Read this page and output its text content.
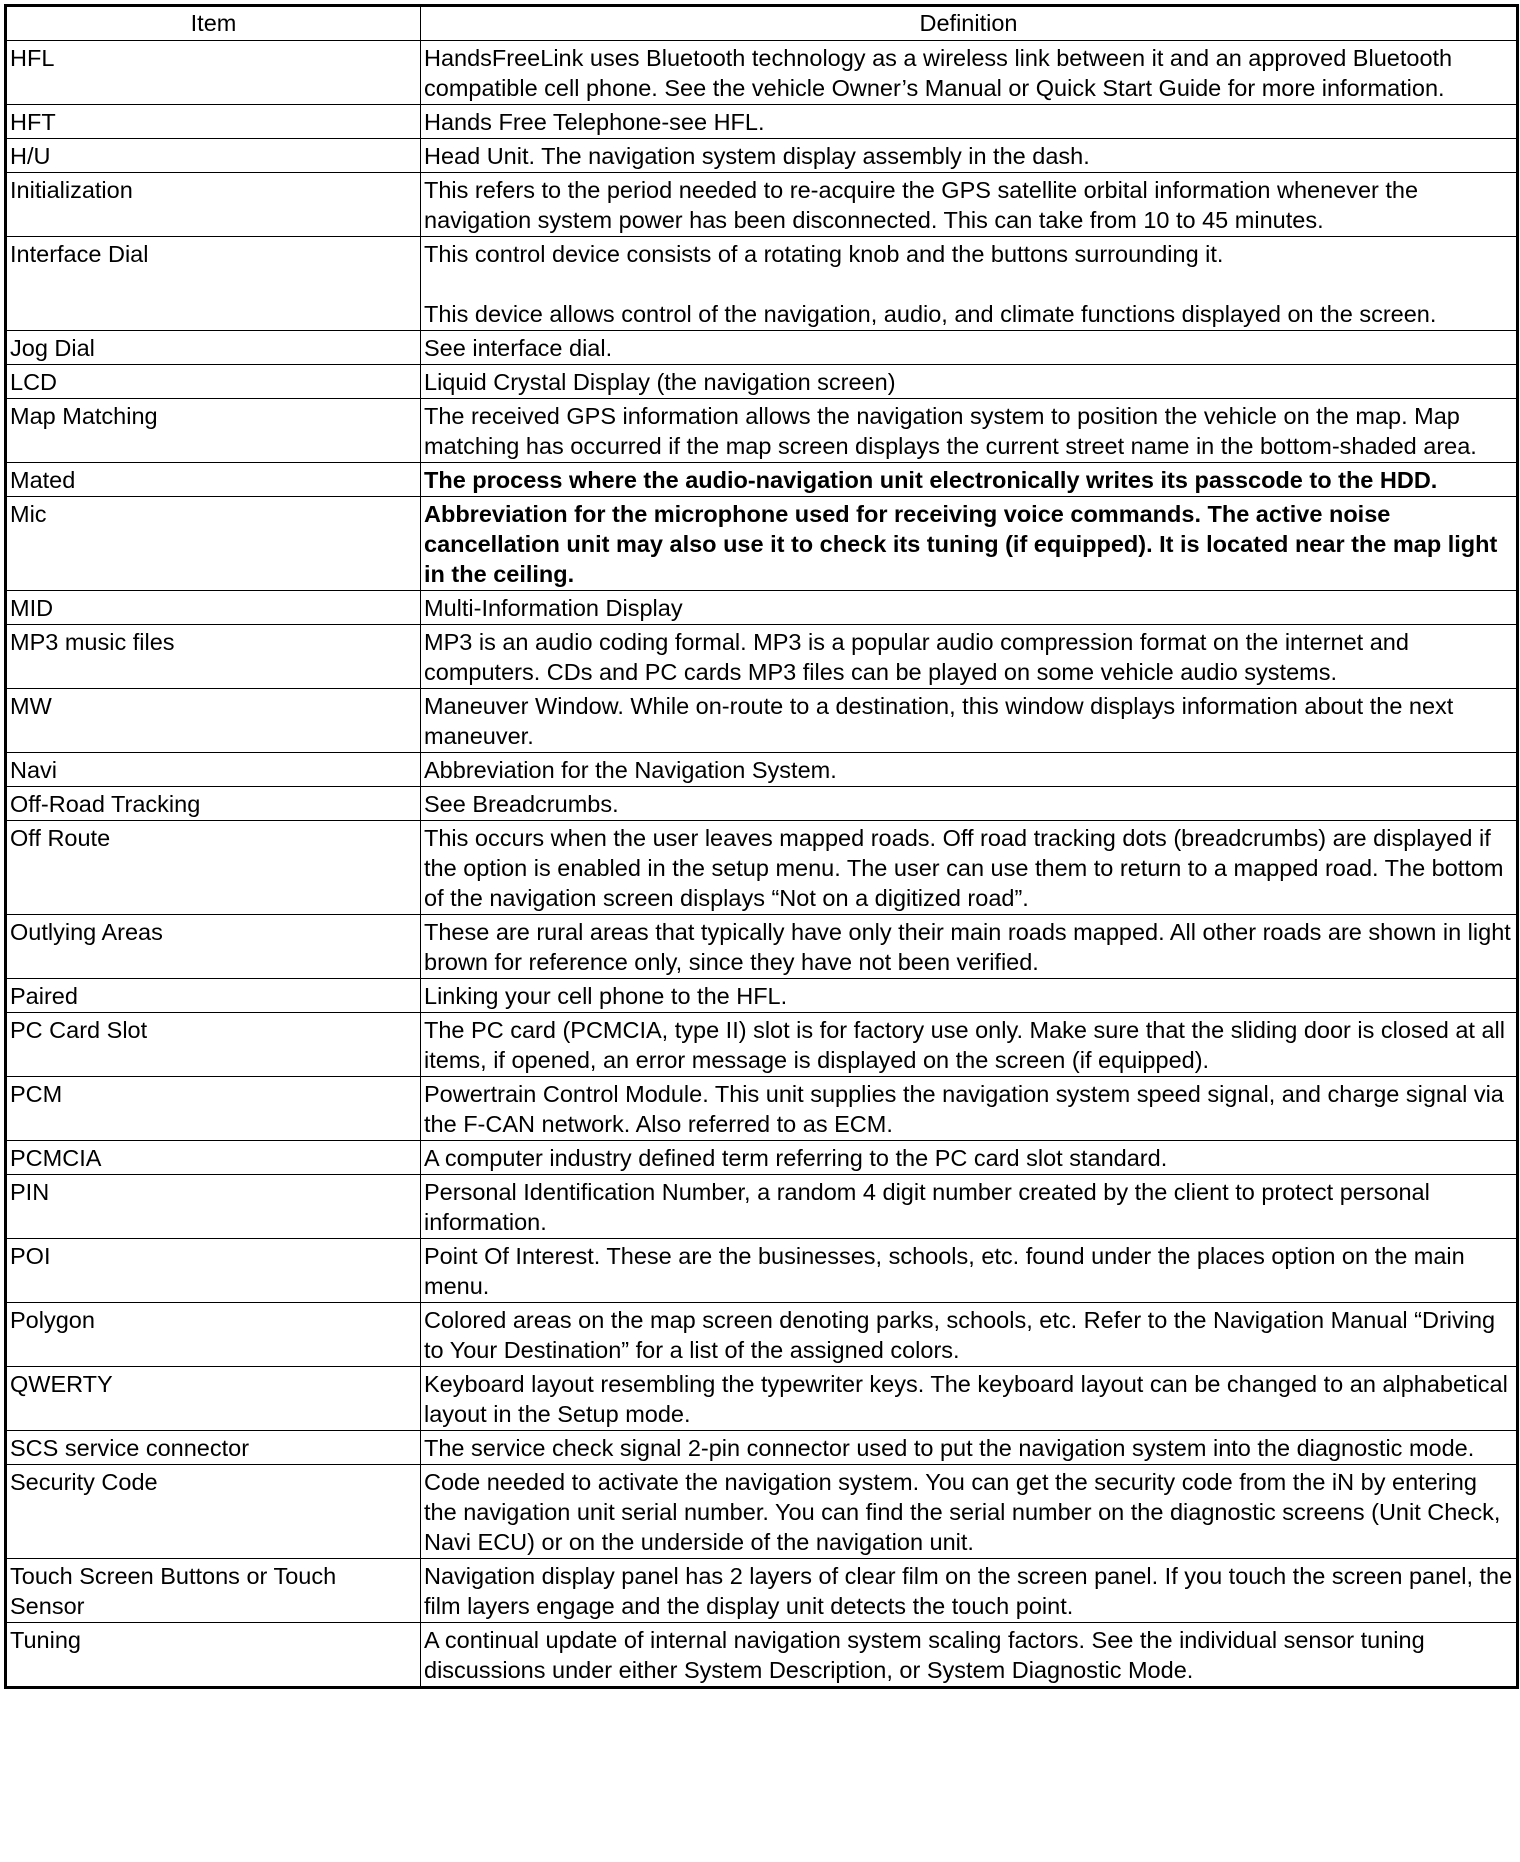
Item	Definition
HFL	HandsFreeLink uses Bluetooth technology as a wireless link between it and an approved Bluetooth compatible cell phone. See the vehicle Owner’s Manual or Quick Start Guide for more information.
HFT	Hands Free Telephone-see HFL.
H/U	Head Unit. The navigation system display assembly in the dash.
Initialization	This refers to the period needed to re-acquire the GPS satellite orbital information whenever the navigation system power has been disconnected. This can take from 10 to 45 minutes.
Interface Dial	This control device consists of a rotating knob and the buttons surrounding it.

This device allows control of the navigation, audio, and climate functions displayed on the screen.
Jog Dial	See interface dial.
LCD	Liquid Crystal Display (the navigation screen)
Map Matching	The received GPS information allows the navigation system to position the vehicle on the map. Map matching has occurred if the map screen displays the current street name in the bottom-shaded area.
Mated	The process where the audio-navigation unit electronically writes its passcode to the HDD.
Mic	Abbreviation for the microphone used for receiving voice commands. The active noise cancellation unit may also use it to check its tuning (if equipped). It is located near the map light in the ceiling.
MID	Multi-Information Display
MP3 music files	MP3 is an audio coding formal. MP3 is a popular audio compression format on the internet and computers. CDs and PC cards MP3 files can be played on some vehicle audio systems.
MW	Maneuver Window. While on-route to a destination, this window displays information about the next maneuver.
Navi	Abbreviation for the Navigation System.
Off-Road Tracking	See Breadcrumbs.
Off Route	This occurs when the user leaves mapped roads. Off road tracking dots (breadcrumbs) are displayed if the option is enabled in the setup menu. The user can use them to return to a mapped road. The bottom of the navigation screen displays “Not on a digitized road”.
Outlying Areas	These are rural areas that typically have only their main roads mapped. All other roads are shown in light brown for reference only, since they have not been verified.
Paired	Linking your cell phone to the HFL.
PC Card Slot	The PC card (PCMCIA, type II) slot is for factory use only. Make sure that the sliding door is closed at all items, if opened, an error message is displayed on the screen (if equipped).
PCM	Powertrain Control Module. This unit supplies the navigation system speed signal, and charge signal via the F-CAN network. Also referred to as ECM.
PCMCIA	A computer industry defined term referring to the PC card slot standard.
PIN	Personal Identification Number, a random 4 digit number created by the client to protect personal information.
POI	Point Of Interest. These are the businesses, schools, etc. found under the places option on the main menu.
Polygon	Colored areas on the map screen denoting parks, schools, etc. Refer to the Navigation Manual “Driving to Your Destination” for a list of the assigned colors.
QWERTY	Keyboard layout resembling the typewriter keys. The keyboard layout can be changed to an alphabetical layout in the Setup mode.
SCS service connector	The service check signal 2-pin connector used to put the navigation system into the diagnostic mode.
Security Code	Code needed to activate the navigation system. You can get the security code from the iN by entering the navigation unit serial number. You can find the serial number on the diagnostic screens (Unit Check, Navi ECU) or on the underside of the navigation unit.
Touch Screen Buttons or Touch Sensor	Navigation display panel has 2 layers of clear film on the screen panel. If you touch the screen panel, the film layers engage and the display unit detects the touch point.
Tuning	A continual update of internal navigation system scaling factors. See the individual sensor tuning discussions under either System Description, or System Diagnostic Mode.
